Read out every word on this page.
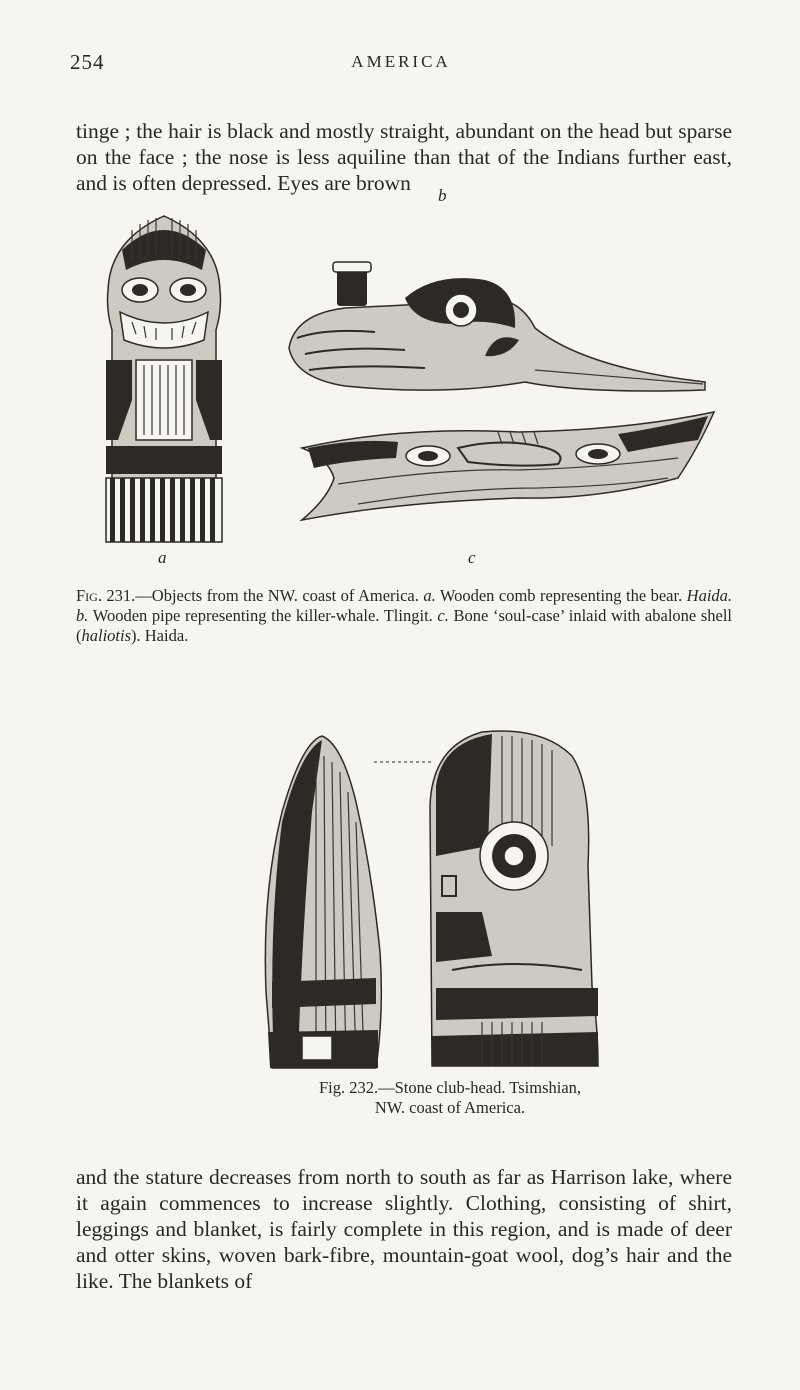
254	AMERICA

tinge ; the hair is black and mostly straight, abundant on the head but sparse on the face ; the nose is less aquiline than that of the Indians further east, and is often depressed. Eyes are brown

b
a	c

Fig. 231.—Objects from the NW. coast of America. a. Wooden comb representing the bear. Haida. b. Wooden pipe representing the killer-whale. Tlingit. c. Bone ‘soul-case’ inlaid with abalone shell (haliotis). Haida.

Fig. 232.—Stone club-head. Tsimshian,
NW. coast of America.

and the stature decreases from north to south as far as Harrison lake, where it again commences to increase slightly. Clothing, consisting of shirt, leggings and blanket, is fairly complete in this region, and is made of deer and otter skins, woven bark-fibre, mountain-goat wool, dog’s hair and the like. The blankets of
